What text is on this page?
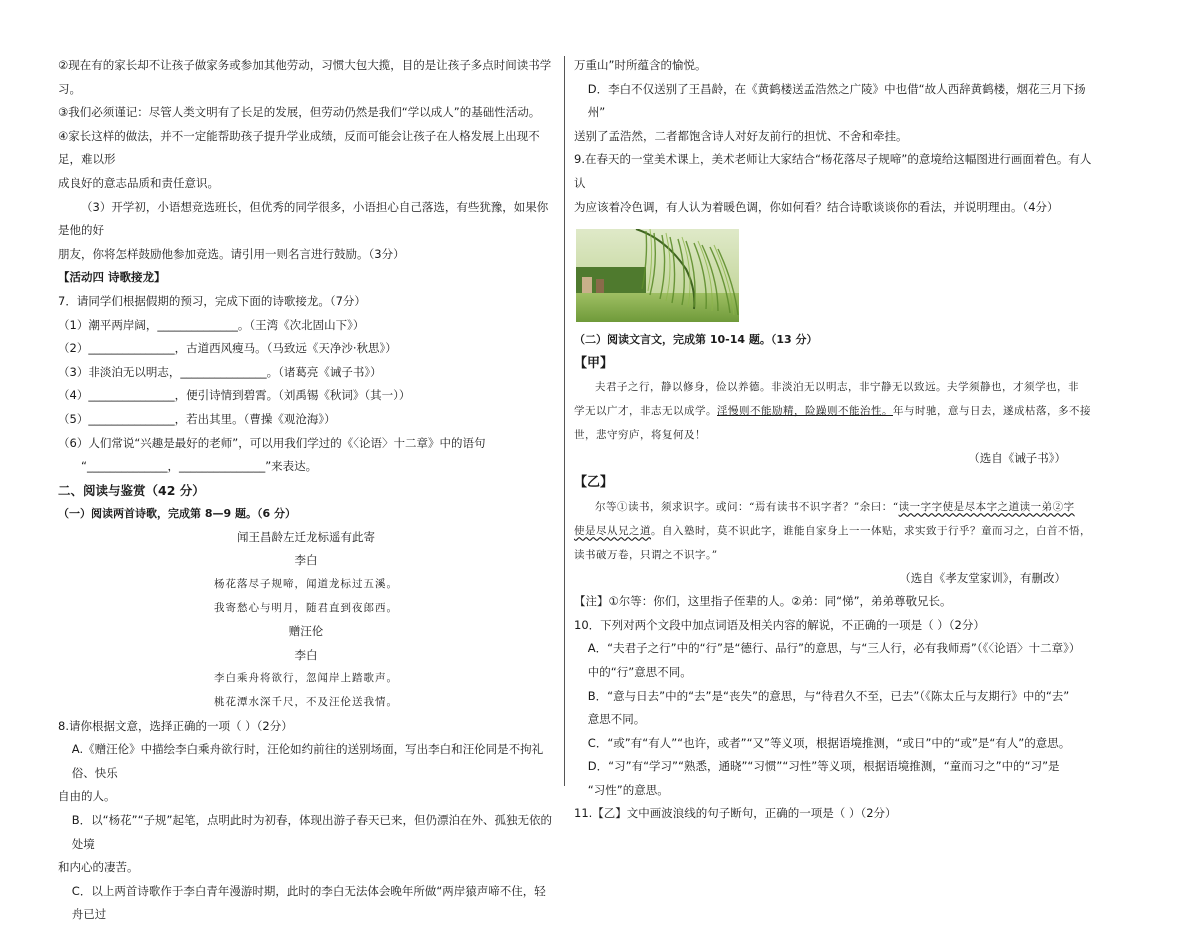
②现在有的家长却不让孩子做家务或参加其他劳动，习惯大包大揽，目的是让孩子多点时间读书学习。

③我们必须谨记：尽管人类文明有了长足的发展，但劳动仍然是我们“学以成人”的基础性活动。

④家长这样的做法，并不一定能帮助孩子提升学业成绩，反而可能会让孩子在人格发展上出现不足，难以形

成良好的意志品质和责任意识。

（3）开学初，小语想竞选班长，但优秀的同学很多，小语担心自己落选，有些犹豫，如果你是他的好

朋友，你将怎样鼓励他参加竞选。请引用一则名言进行鼓励。（3分）

【活动四 诗歌接龙】

7．请同学们根据假期的预习，完成下面的诗歌接龙。（7分）

（1）潮平两岸阔，______________。（王湾《次北固山下》）

（2）_______________，古道西风瘦马。（马致远《天净沙·秋思》）

（3）非淡泊无以明志，_______________。（诸葛亮《诫子书》）

（4）_______________，便引诗情到碧霄。（刘禹锡《秋词》（其一））

（5）_______________，若出其里。（曹操《观沧海》）

（6）人们常说“兴趣是最好的老师”，可以用我们学过的《〈论语〉十二章》中的语句

“______________，_______________”来表达。

二、阅读与鉴赏（42 分）

（一）阅读两首诗歌，完成第 8—9 题。（6 分）

闻王昌龄左迁龙标遥有此寄

李白

杨花落尽子规啼，闻道龙标过五溪。

我寄愁心与明月，随君直到夜郎西。

赠汪伦

李白

李白乘舟将欲行，忽闻岸上踏歌声。

桃花潭水深千尺，不及汪伦送我情。

8.请你根据文意，选择正确的一项（ ）（2分）

A.《赠汪伦》中描绘李白乘舟欲行时，汪伦如约前往的送别场面，写出李白和汪伦同是不拘礼俗、快乐

自由的人。

B．以“杨花”“子规”起笔，点明此时为初春，体现出游子春天已来，但仍漂泊在外、孤独无依的处境

和内心的凄苦。

C．以上两首诗歌作于李白青年漫游时期，此时的李白无法体会晚年所做“两岸猿声啼不住，轻舟已过

万重山”时所蕴含的愉悦。

D．李白不仅送别了王昌龄，在《黄鹤楼送孟浩然之广陵》中也借“故人西辞黄鹤楼，烟花三月下扬州”

送别了孟浩然，二者都饱含诗人对好友前行的担忧、不舍和牵挂。

9.在春天的一堂美术课上，美术老师让大家结合“杨花落尽子规啼”的意境给这幅图进行画面着色。有人认

为应该着冷色调，有人认为着暖色调，你如何看？结合诗歌谈谈你的看法，并说明理由。（4分）

（二）阅读文言文，完成第 10-14 题。（13 分）

【甲】

夫君子之行，静以修身，俭以养德。非淡泊无以明志，非宁静无以致远。夫学须静也，才须学也，非

学无以广才，非志无以成学。淫慢则不能励精，险躁则不能治性。年与时驰，意与日去，遂成枯落，多不接

世，悲守穷庐，将复何及！

（选自《诫子书》）

【乙】

尔等①读书，须求识字。或问：“焉有读书不识字者？”余曰：“读一字字使是尽本字之道读一弟②字

使是尽从兄之道。自入塾时，莫不识此字，谁能自家身上一一体贴，求实致于行乎？童而习之，白首不悟，

读书破万卷，只谓之不识字。”

（选自《孝友堂家训》，有删改）

【注】①尔等：你们，这里指子侄辈的人。②弟：同“悌”，弟弟尊敬兄长。

10．下列对两个文段中加点词语及相关内容的解说，不正确的一项是（ ）（2分）

A．“夫君子之行”中的“行”是“德行、品行”的意思，与“三人行，必有我师焉”（《〈论语〉十二章》）

中的“行”意思不同。

B．“意与日去”中的“去”是“丧失”的意思，与“待君久不至，已去”（《陈太丘与友期行》中的“去”

意思不同。

C．“或”有“有人”“也许，或者”“又”等义项，根据语境推测，“或日”中的“或”是“有人”的意思。

D．“习”有“学习”“熟悉，通晓”“习惯”“习性”等义项，根据语境推测，“童而习之”中的“习”是

“习性”的意思。

11.【乙】文中画波浪线的句子断句，正确的一项是（ ）（2分）
